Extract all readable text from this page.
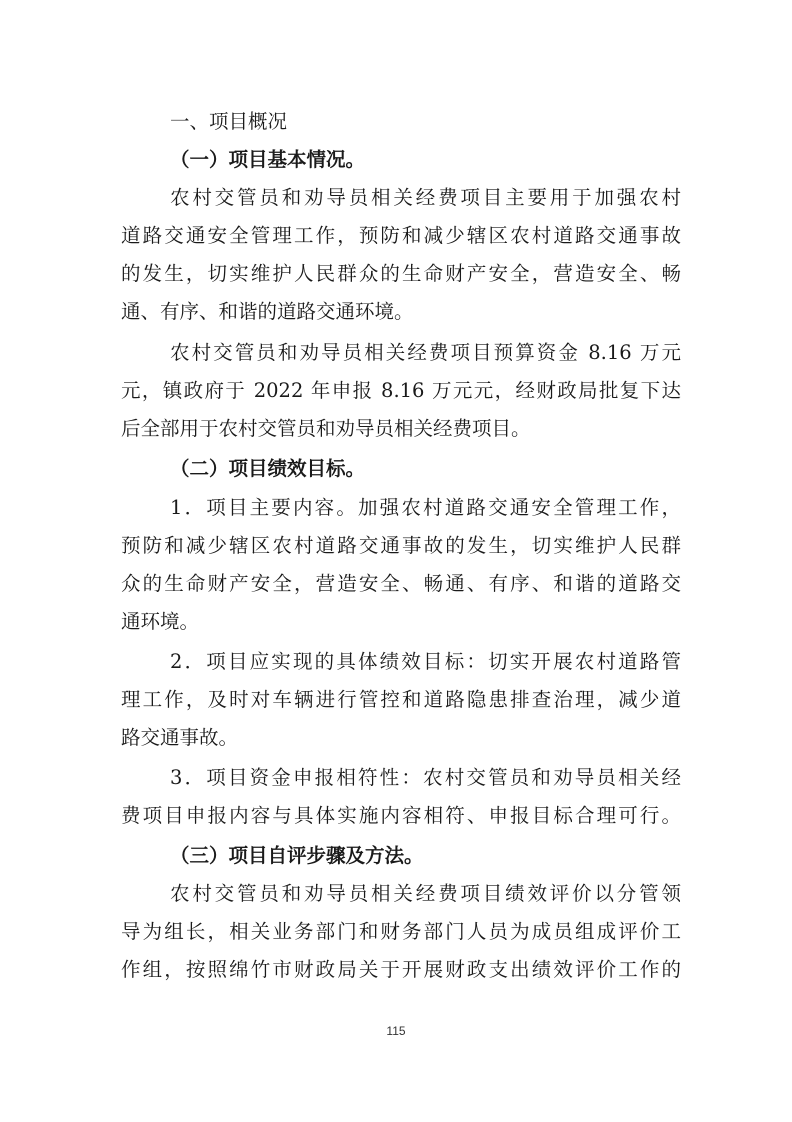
一、项目概况
（一）项目基本情况。
农村交管员和劝导员相关经费项目主要用于加强农村
道路交通安全管理工作，预防和减少辖区农村道路交通事故
的发生，切实维护人民群众的生命财产安全，营造安全、畅
通、有序、和谐的道路交通环境。
农村交管员和劝导员相关经费项目预算资金 8.16 万元
元，镇政府于 2022 年申报 8.16 万元元，经财政局批复下达
后全部用于农村交管员和劝导员相关经费项目。
（二）项目绩效目标。
1．项目主要内容。加强农村道路交通安全管理工作，
预防和减少辖区农村道路交通事故的发生，切实维护人民群
众的生命财产安全，营造安全、畅通、有序、和谐的道路交
通环境。
2．项目应实现的具体绩效目标：切实开展农村道路管
理工作，及时对车辆进行管控和道路隐患排查治理，减少道
路交通事故。
3．项目资金申报相符性：农村交管员和劝导员相关经
费项目申报内容与具体实施内容相符、申报目标合理可行。
（三）项目自评步骤及方法。
农村交管员和劝导员相关经费项目绩效评价以分管领
导为组长，相关业务部门和财务部门人员为成员组成评价工
作组，按照绵竹市财政局关于开展财政支出绩效评价工作的
115
